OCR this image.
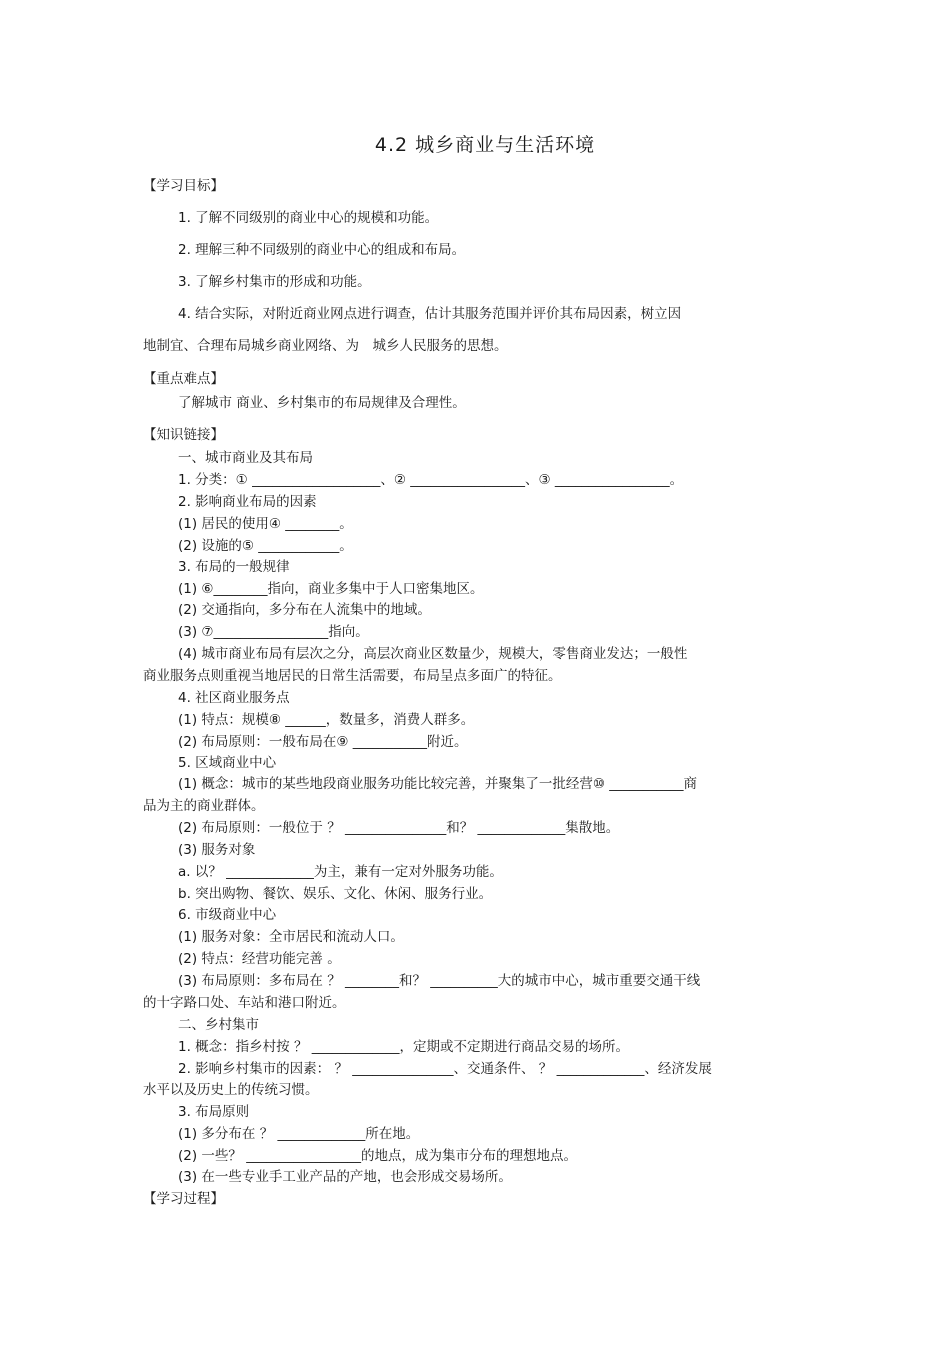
4.2 城乡商业与生活环境
【学习目标】
1. 了解不同级别的商业中心的规模和功能。
2. 理解三种不同级别的商业中心的组成和布局。
3. 了解乡村集市的形成和功能。
4. 结合实际，对附近商业网点进行调查，估计其服务范围并评价其布局因素，树立因
地制宜、合理布局城乡商业网络、为　城乡人民服务的思想。
【重点难点】
了解城市 商业、乡村集市的布局规律及合理性。
【知识链接】
一、城市商业及其布局
1. 分类：① ___________________、② _________________、③ _________________。
2. 影响商业布局的因素
(1) 居民的使用④ ________。
(2) 设施的⑤ ____________。
3. 布局的一般规律
(1) ⑥________指向，商业多集中于人口密集地区。
(2) 交通指向，多分布在人流集中的地域。
(3) ⑦_________________指向。
(4) 城市商业布局有层次之分，高层次商业区数量少，规模大，零售商业发达；一般性
商业服务点则重视当地居民的日常生活需要，布局呈点多面广的特征。
4. 社区商业服务点
(1) 特点：规模⑧ ______，数量多，消费人群多。
(2) 布局原则：一般布局在⑨ ___________附近。
5. 区域商业中心
(1) 概念：城市的某些地段商业服务功能比较完善，并聚集了一批经营⑩ ___________商
品为主的商业群体。
(2) 布局原则：一般位于 ？ _______________和？ _____________集散地。
(3) 服务对象
a. 以？ _____________为主，兼有一定对外服务功能。
b. 突出购物、餐饮、娱乐、文化、休闲、服务行业。
6. 市级商业中心
(1) 服务对象：全市居民和流动人口。
(2) 特点：经营功能完善 。
(3) 布局原则：多布局在 ？ ________和？ __________大的城市中心，城市重要交通干线
的十字路口处、车站和港口附近。
二、乡村集市
1. 概念：指乡村按 ？ _____________，定期或不定期进行商品交易的场所。
2. 影响乡村集市的因素： ？ _______________、交通条件、 ？ _____________、经济发展
水平以及历史上的传统习惯。
3. 布局原则
(1) 多分布在 ？ _____________所在地。
(2) 一些？ _________________的地点，成为集市分布的理想地点。
(3) 在一些专业手工业产品的产地，也会形成交易场所。
【学习过程】
